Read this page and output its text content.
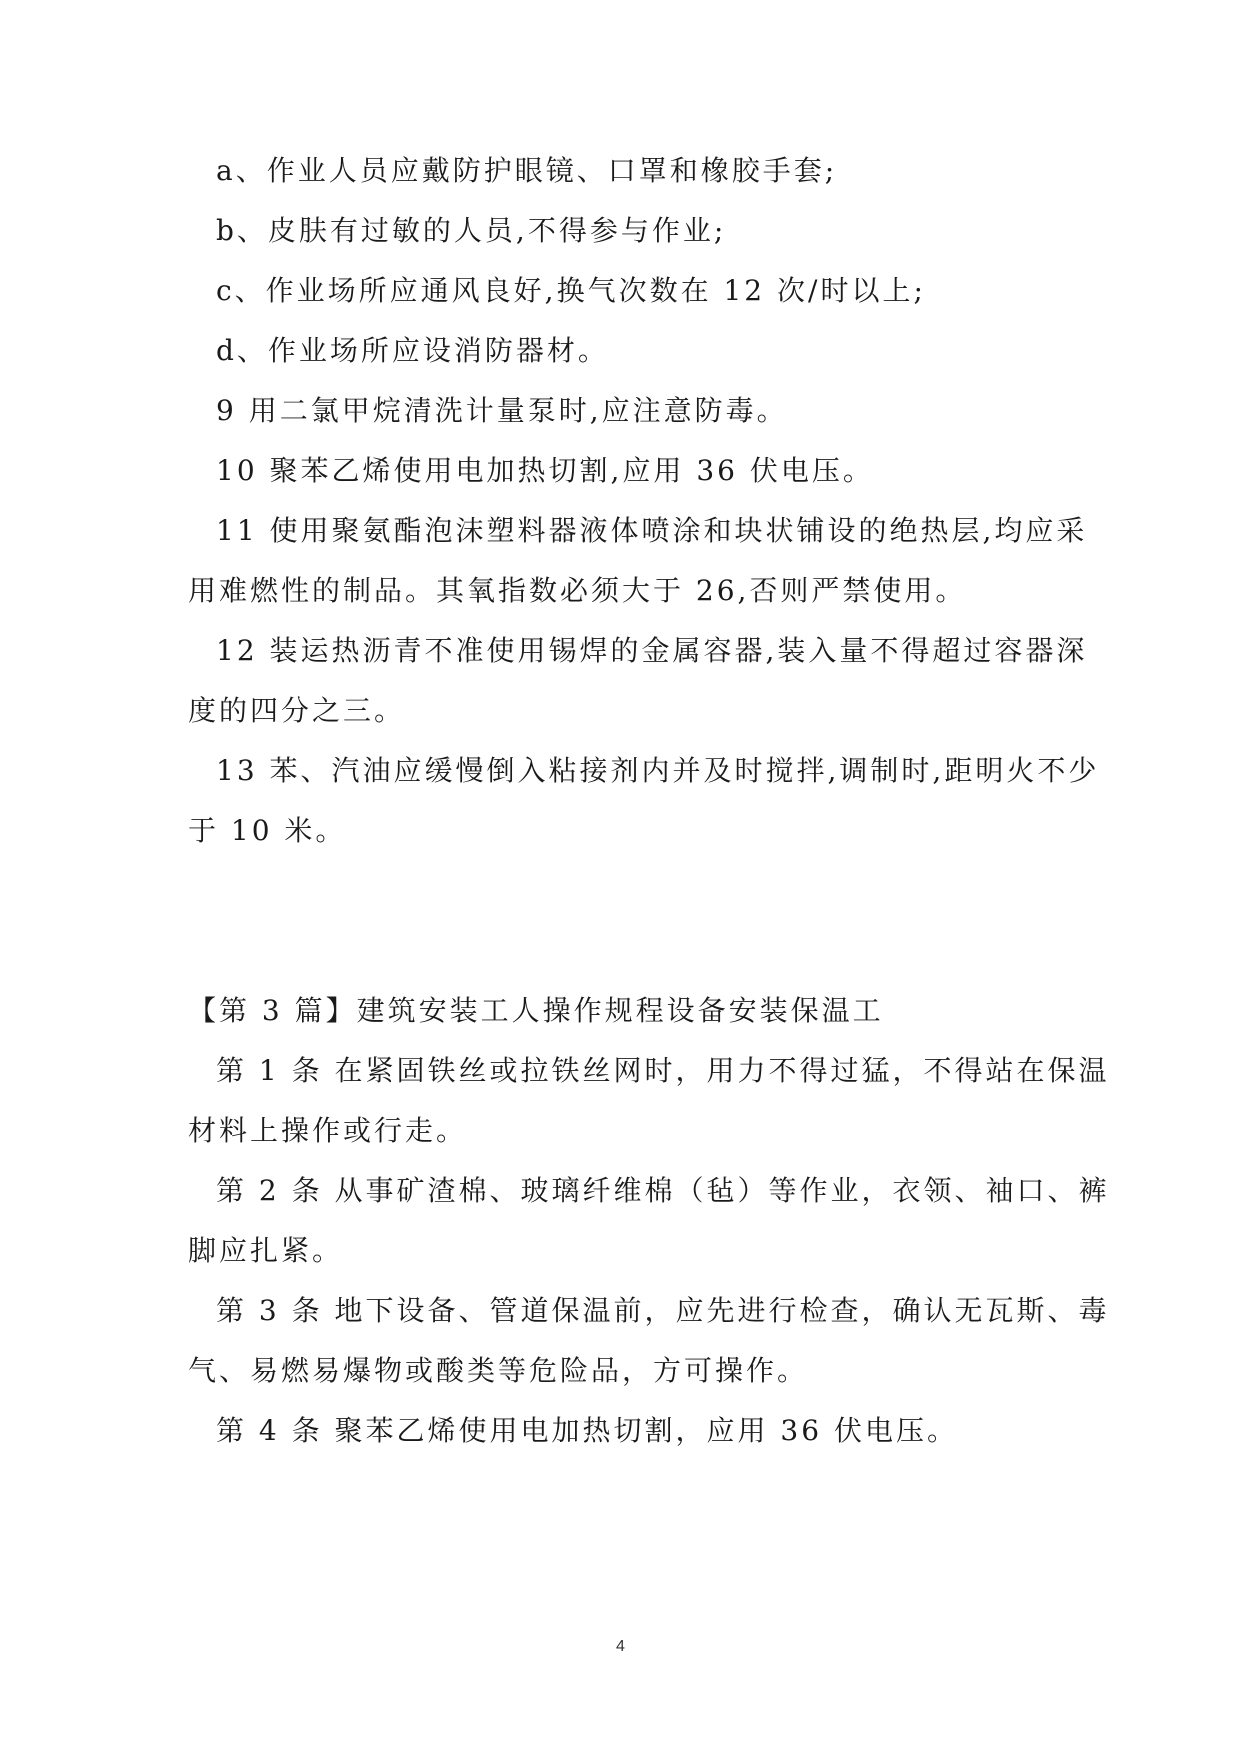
a、作业人员应戴防护眼镜、口罩和橡胶手套;
b、皮肤有过敏的人员,不得参与作业;
c、作业场所应通风良好,换气次数在 12 次/时以上;
d、作业场所应设消防器材。
9 用二氯甲烷清洗计量泵时,应注意防毒。
10 聚苯乙烯使用电加热切割,应用 36 伏电压。
11 使用聚氨酯泡沫塑料器液体喷涂和块状铺设的绝热层,均应采
用难燃性的制品。其氧指数必须大于 26,否则严禁使用。
12 装运热沥青不准使用锡焊的金属容器,装入量不得超过容器深
度的四分之三。
13 苯、汽油应缓慢倒入粘接剂内并及时搅拌,调制时,距明火不少
于 10 米。
【第 3 篇】建筑安装工人操作规程设备安装保温工
第 1 条 在紧固铁丝或拉铁丝网时，用力不得过猛，不得站在保温
材料上操作或行走。
第 2 条 从事矿渣棉、玻璃纤维棉（毡）等作业，衣领、袖口、裤
脚应扎紧。
第 3 条 地下设备、管道保温前，应先进行检查，确认无瓦斯、毒
气、易燃易爆物或酸类等危险品，方可操作。
第 4 条 聚苯乙烯使用电加热切割，应用 36 伏电压。
4
